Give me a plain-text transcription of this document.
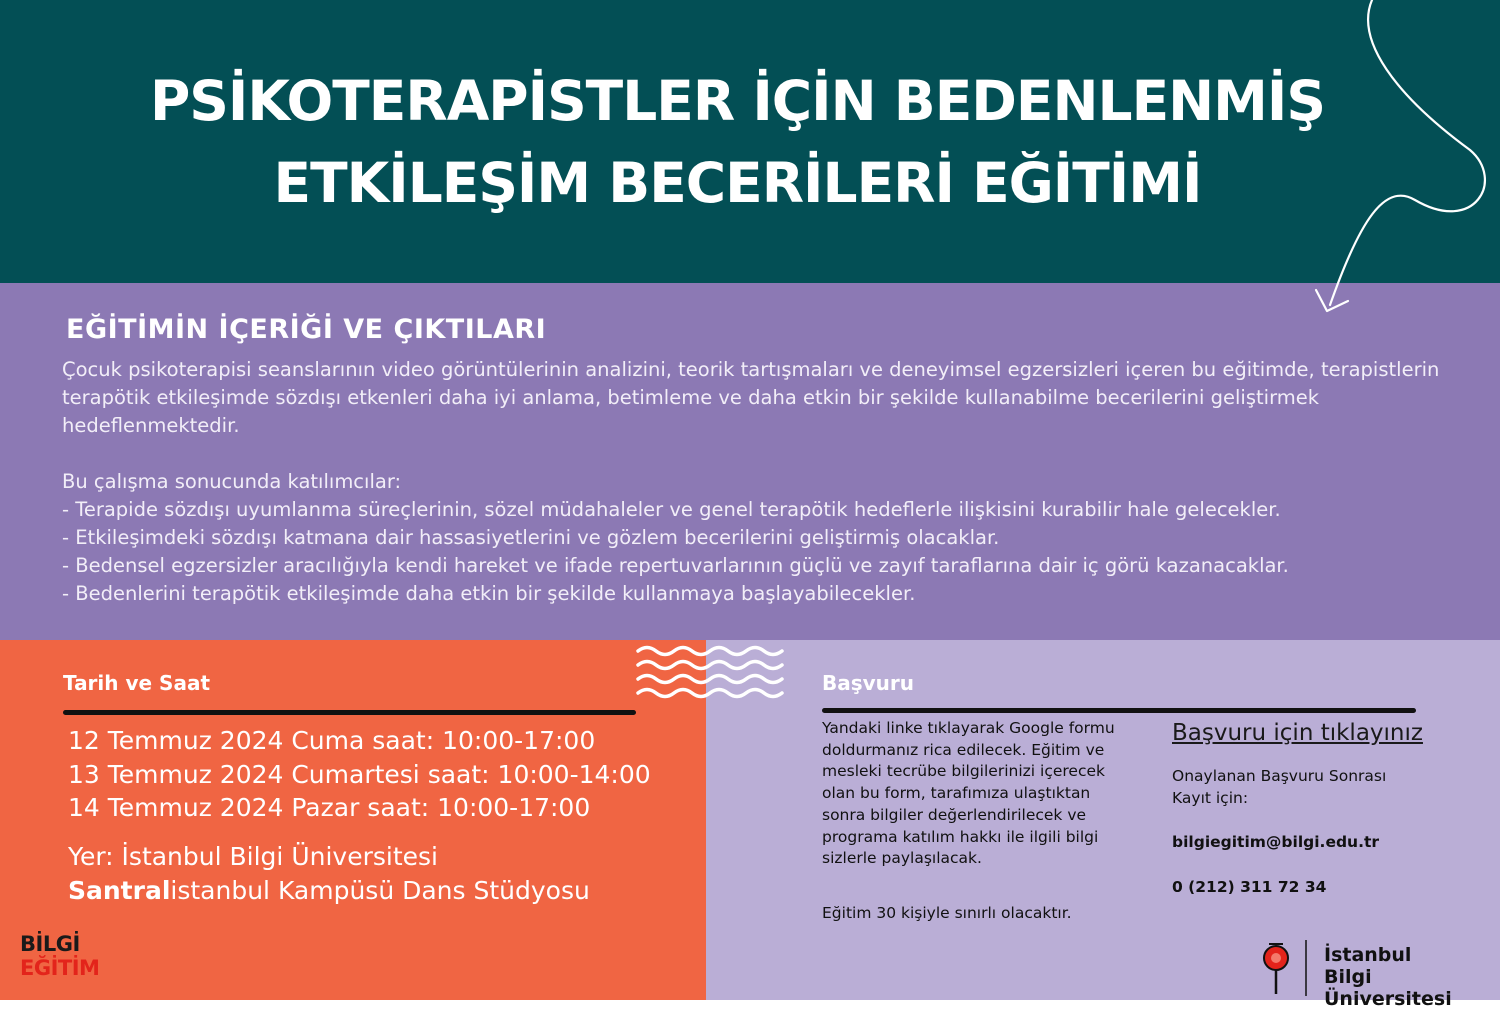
PSİKOTERAPİSTLER İÇİN BEDENLENMİŞ
ETKİLEŞİM BECERİLERİ EĞİTİMİ
EĞİTİMİN İÇERİĞİ VE ÇIKTILARI

Çocuk psikoterapisi seanslarının video görüntülerinin analizini, teorik tartışmaları ve deneyimsel egzersizleri içeren bu eğitimde, terapistlerin terapötik etkileşimde sözdışı etkenleri daha iyi anlama, betimleme ve daha etkin bir şekilde kullanabilme becerilerini geliştirmek hedeflenmektedir.

Bu çalışma sonucunda katılımcılar:
- Terapide sözdışı uyumlanma süreçlerinin, sözel müdahaleler ve genel terapötik hedeflerle ilişkisini kurabilir hale gelecekler.
- Etkileşimdeki sözdışı katmana dair hassasiyetlerini ve gözlem becerilerini geliştirmiş olacaklar.
- Bedensel egzersizler aracılığıyla kendi hareket ve ifade repertuvarlarının güçlü ve zayıf taraflarına dair iç görü kazanacaklar.
- Bedenlerini terapötik etkileşimde daha etkin bir şekilde kullanmaya başlayabilecekler.
Tarih ve Saat
12 Temmuz 2024 Cuma saat: 10:00-17:00
13 Temmuz 2024 Cumartesi saat: 10:00-14:00
14 Temmuz 2024 Pazar saat: 10:00-17:00
Yer: İstanbul Bilgi Üniversitesi
Santralistanbul Kampüsü Dans Stüdyosu
BİLGİ
EĞİTİM
Başvuru
Yandaki linke tıklayarak Google formu doldurmanız rica edilecek. Eğitim ve mesleki tecrübe bilgilerinizi içerecek olan bu form, tarafımıza ulaştıktan sonra bilgiler değerlendirilecek ve programa katılım hakkı ile ilgili bilgi sizlerle paylaşılacak.
Eğitim 30 kişiyle sınırlı olacaktır.
Başvuru için tıklayınız
Onaylanan Başvuru Sonrası Kayıt için:
bilgiegitim@bilgi.edu.tr
0 (212) 311 72 34
İstanbul
Bilgi Üniversitesi
